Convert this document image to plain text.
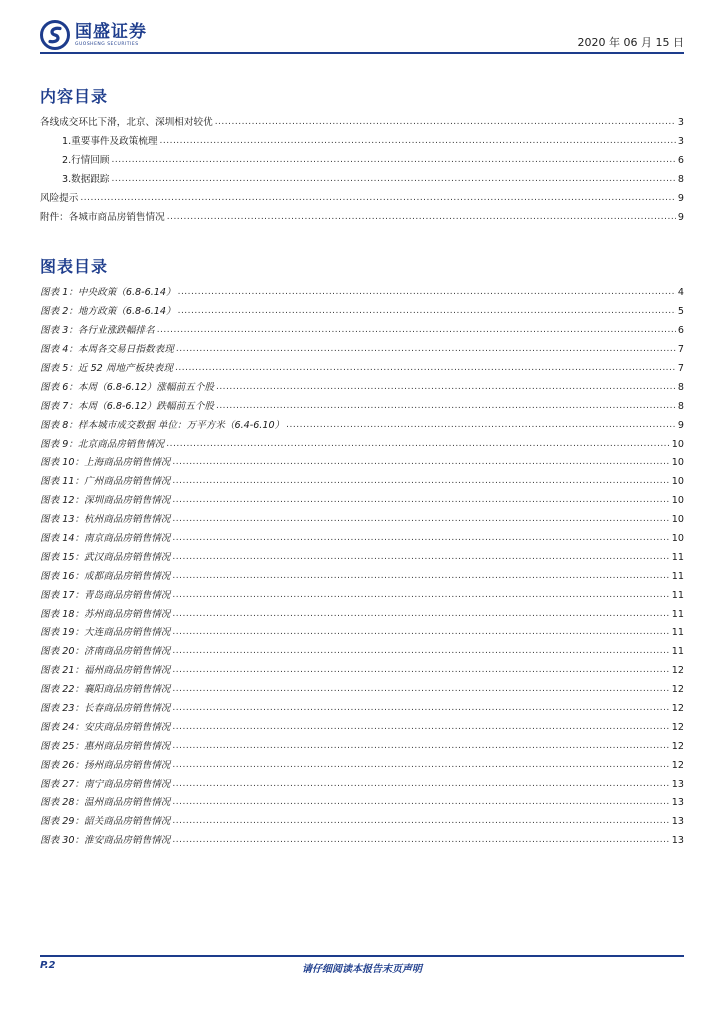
国盛证券
GUOSHENG SECURITIES	2020 年 06 月 15 日
内容目录
各线成交环比下滑，北京、深圳相对较优 .....	3
1.重要事件及政策梳理 .....	3
2.行情回顾 .....	6
3.数据跟踪 .....	8
风险提示 .....	9
附件：各城市商品房销售情况 .....	9
图表目录
图表 1：中央政策（6.8-6.14） .....	4
图表 2：地方政策（6.8-6.14） .....	5
图表 3：各行业涨跌幅排名 .....	6
图表 4：本周各交易日指数表现 .....	7
图表 5：近 52 周地产板块表现 .....	7
图表 6：本周（6.8-6.12）涨幅前五个股 .....	8
图表 7：本周（6.8-6.12）跌幅前五个股 .....	8
图表 8：样本城市成交数据 单位：万平方米（6.4-6.10） .....	9
图表 9：北京商品房销售情况 .....	10
图表 10：上海商品房销售情况 .....	10
图表 11：广州商品房销售情况 .....	10
图表 12：深圳商品房销售情况 .....	10
图表 13：杭州商品房销售情况 .....	10
图表 14：南京商品房销售情况 .....	10
图表 15：武汉商品房销售情况 .....	11
图表 16：成都商品房销售情况 .....	11
图表 17：青岛商品房销售情况 .....	11
图表 18：苏州商品房销售情况 .....	11
图表 19：大连商品房销售情况 .....	11
图表 20：济南商品房销售情况 .....	11
图表 21：福州商品房销售情况 .....	12
图表 22：襄阳商品房销售情况 .....	12
图表 23：长春商品房销售情况 .....	12
图表 24：安庆商品房销售情况 .....	12
图表 25：惠州商品房销售情况 .....	12
图表 26：扬州商品房销售情况 .....	12
图表 27：南宁商品房销售情况 .....	13
图表 28：温州商品房销售情况 .....	13
图表 29：韶关商品房销售情况 .....	13
图表 30：淮安商品房销售情况 .....	13
P.2	请仔细阅读本报告末页声明
